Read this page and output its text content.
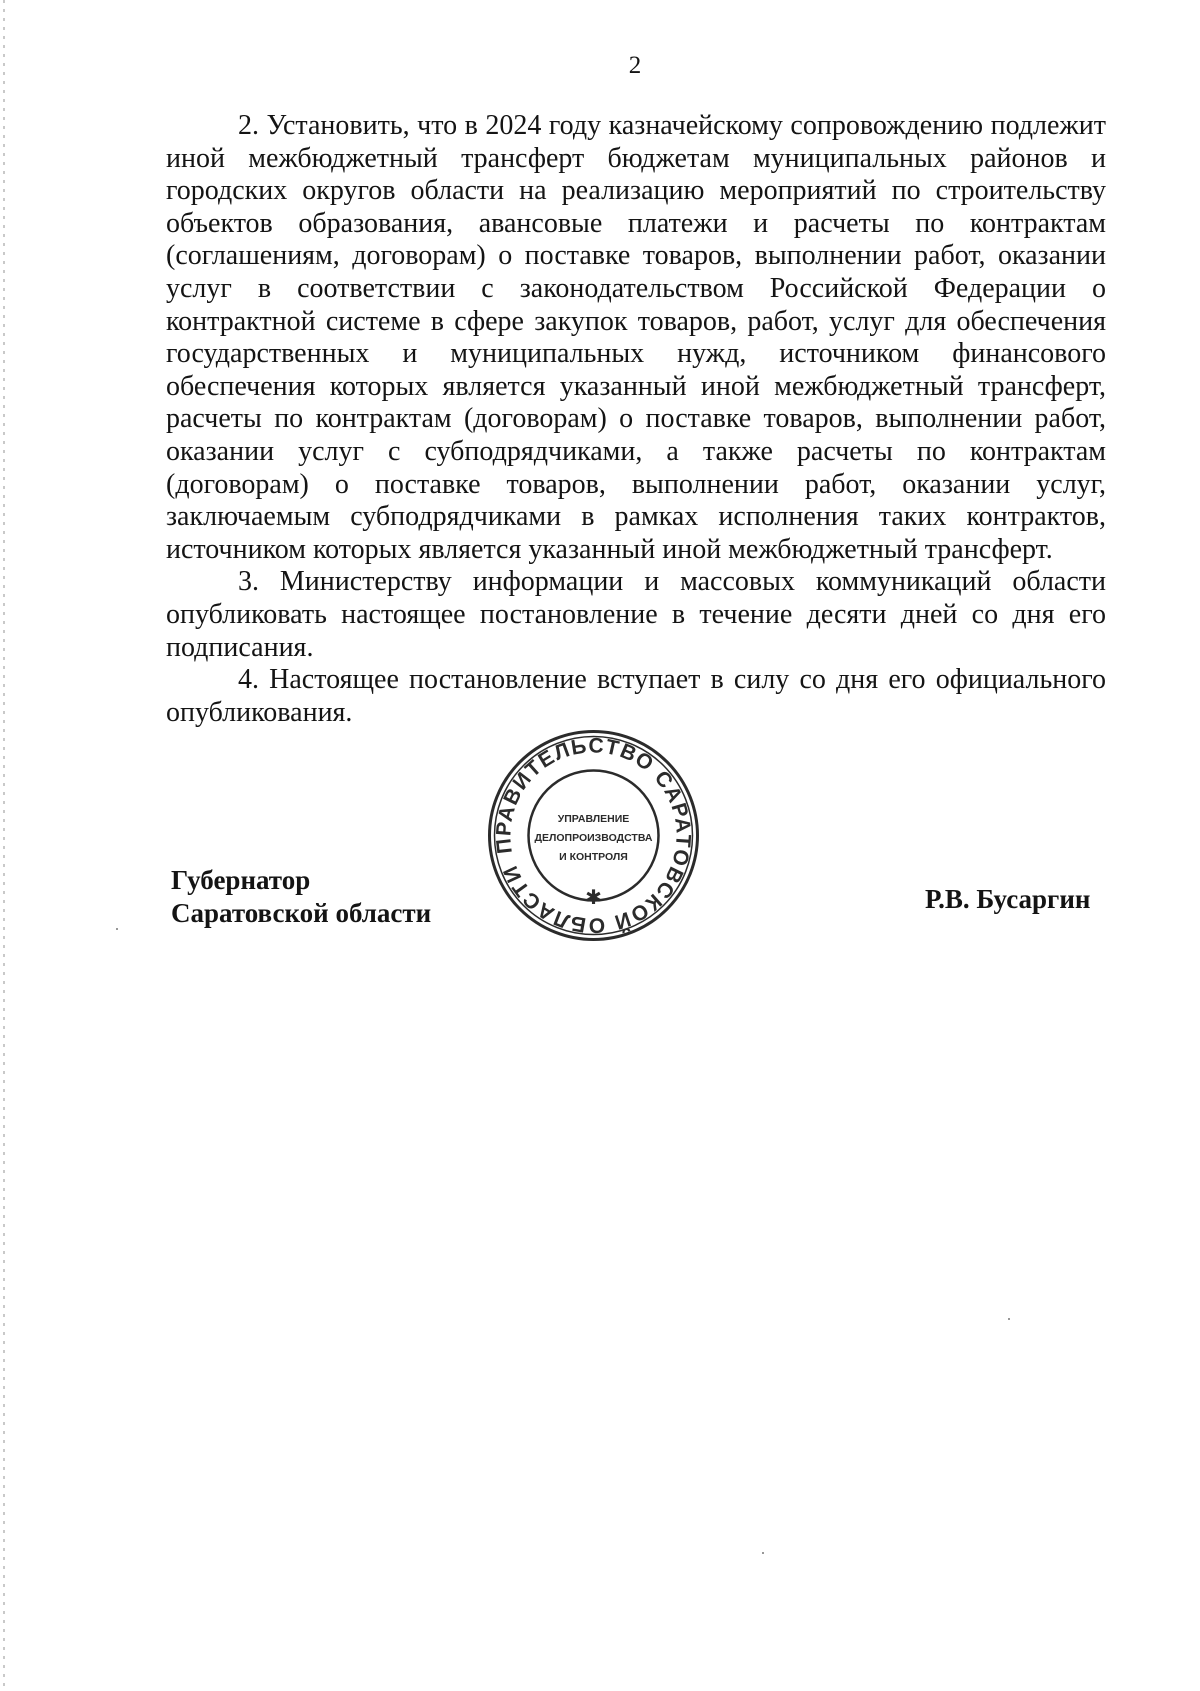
2

2. Установить, что в 2024 году казначейскому сопровождению подлежит иной межбюджетный трансферт бюджетам муниципальных районов и городских округов области на реализацию мероприятий по строительству объектов образования, авансовые платежи и расчеты по контрактам (соглашениям, договорам) о поставке товаров, выполнении работ, оказании услуг в соответствии с законодательством Российской Федерации о контрактной системе в сфере закупок товаров, работ, услуг для обеспечения государственных и муниципальных нужд, источником финансового обеспечения которых является указанный иной межбюджетный трансферт, расчеты по контрактам (договорам) о поставке товаров, выполнении работ, оказании услуг с субподрядчиками, а также расчеты по контрактам (договорам) о поставке товаров, выполнении работ, оказании услуг, заключаемым субподрядчиками в рамках исполнения таких контрактов, источником которых является указанный иной межбюджетный трансферт.

3. Министерству информации и массовых коммуникаций области опубликовать настоящее постановление в течение десяти дней со дня его подписания.

4. Настоящее постановление вступает в силу со дня его официального опубликования.

Губернатор
Саратовской области
ПРАВИТЕЛЬСТВО САРАТОВСКОЙ ОБЛАСТИ
✱
УПРАВЛЕНИЕ
ДЕЛОПРОИЗВОДСТВА
И КОНТРОЛЯ
Р.В. Бусаргин
